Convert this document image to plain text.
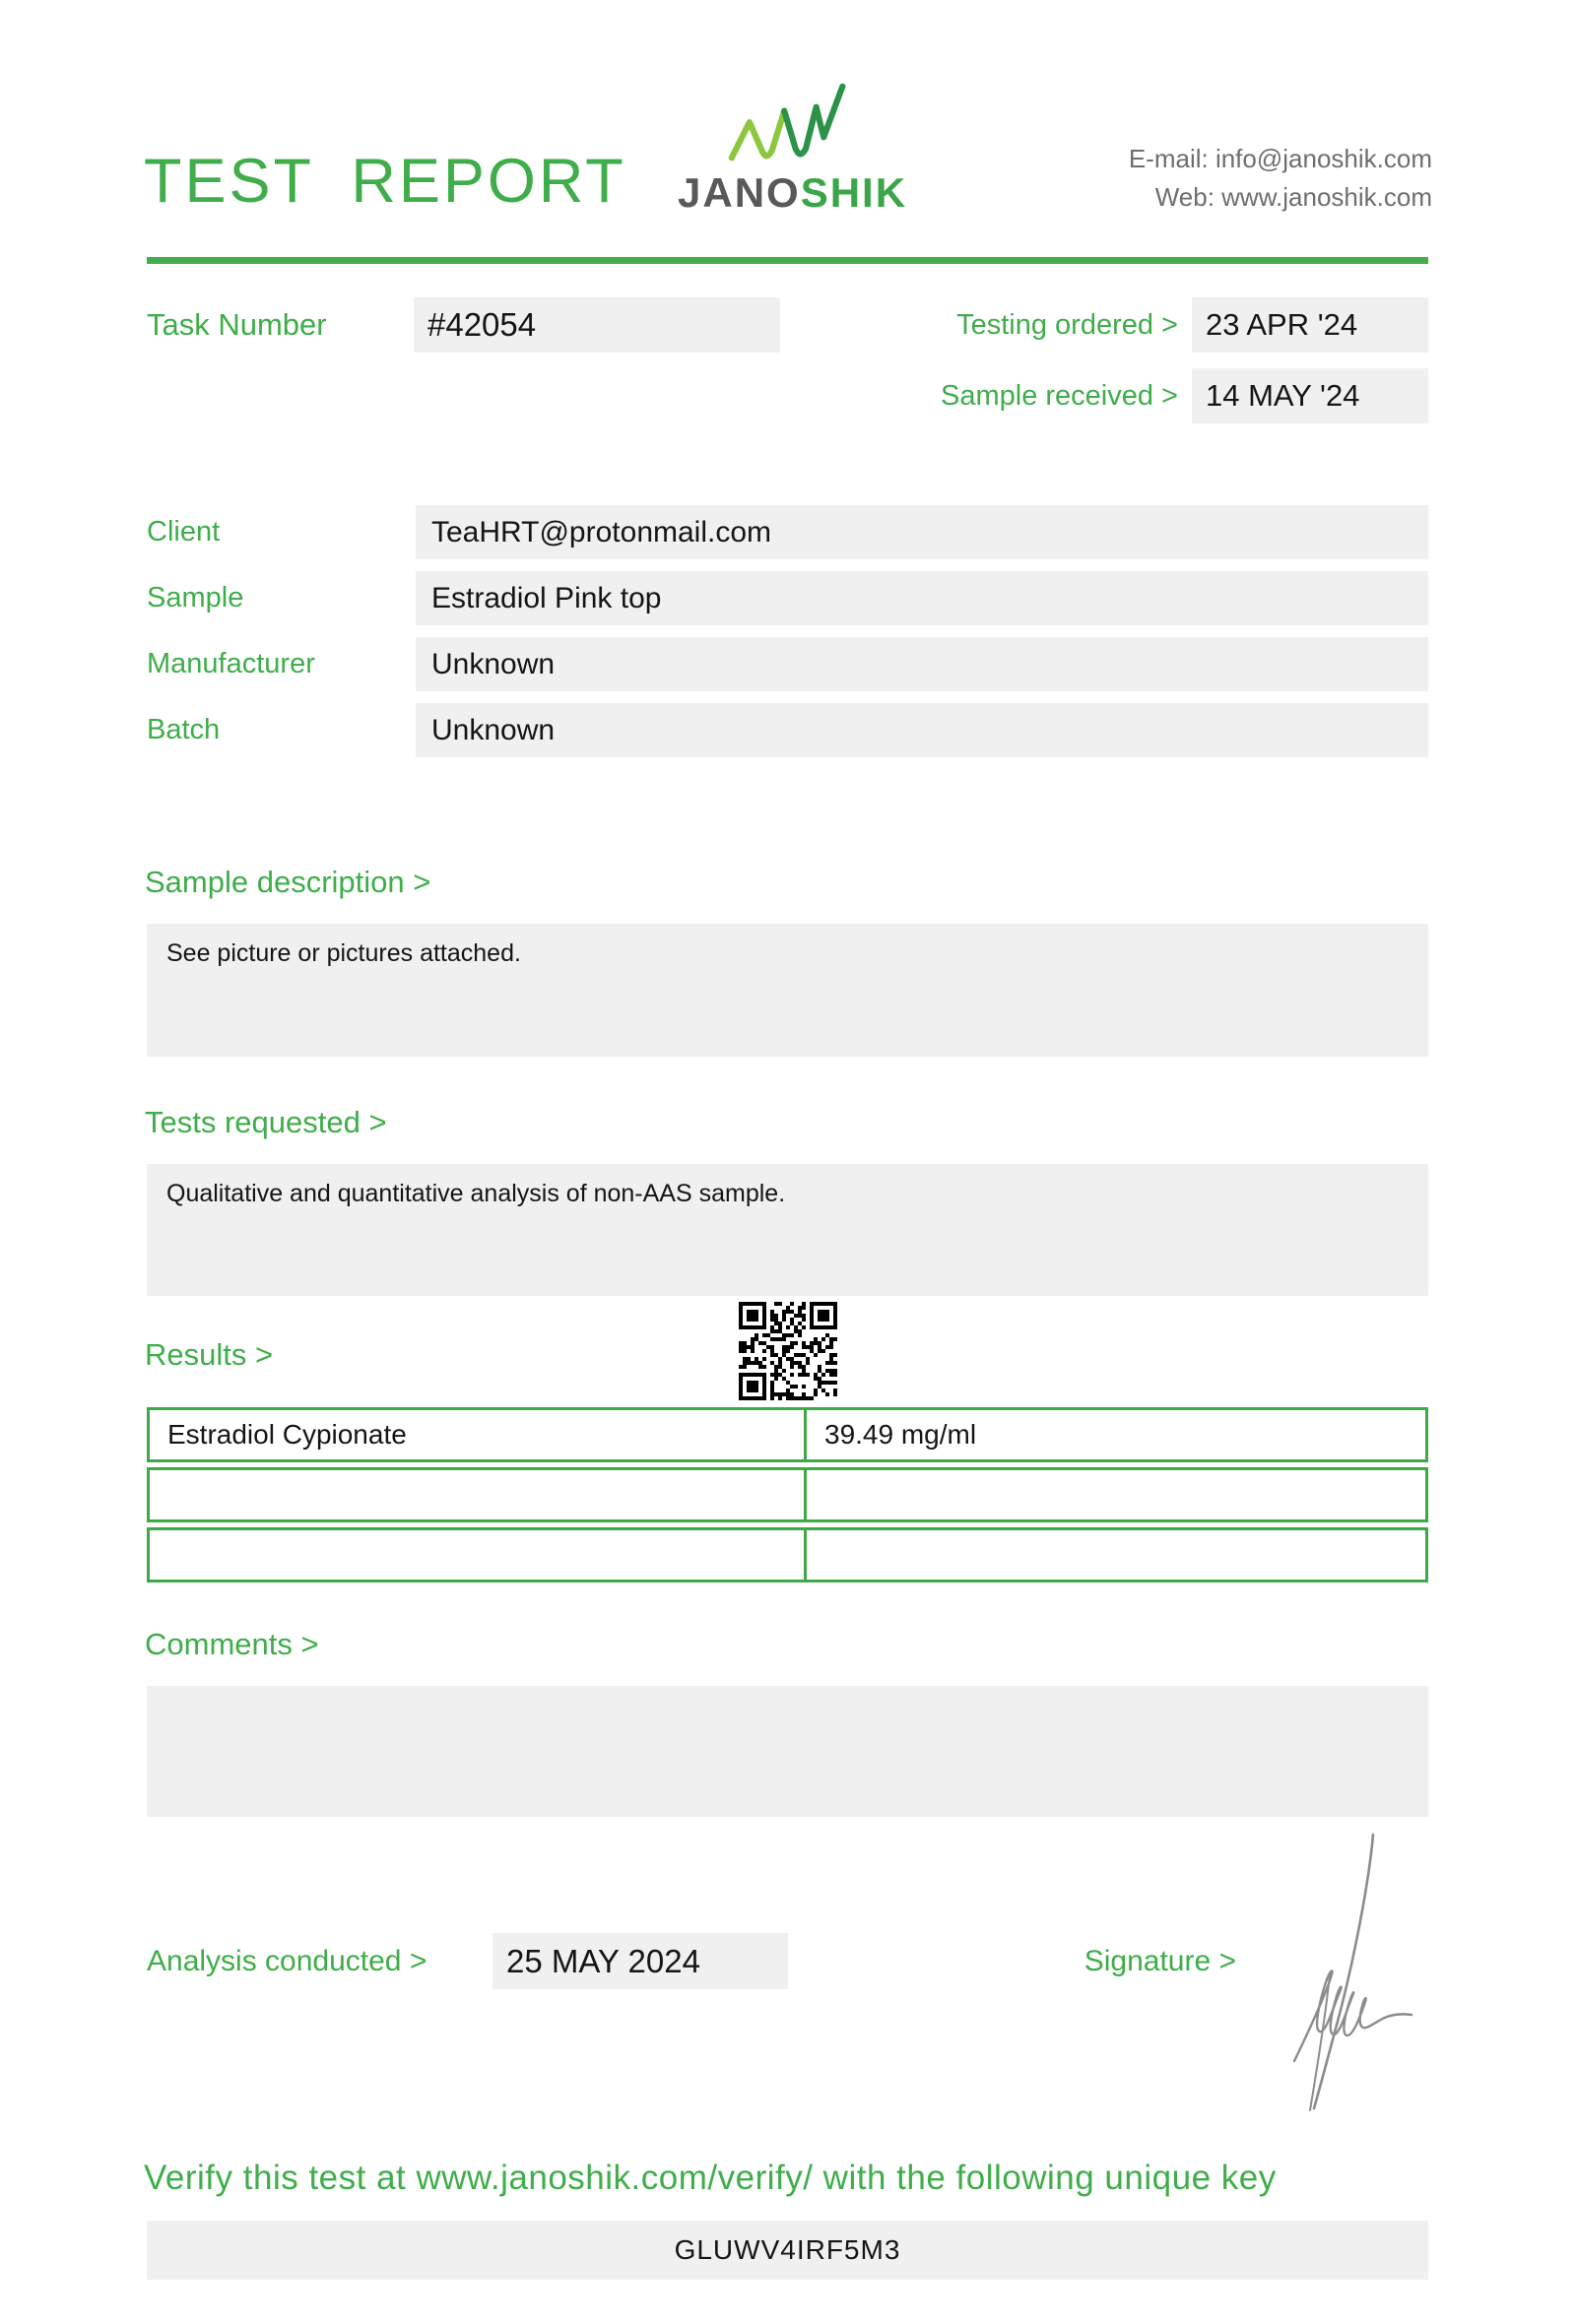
TEST REPORT JANOSHIK
E-mail: info@janoshik.com
Web: www.janoshik.com
Task Number	#42054	Testing ordered > 23 APR '24
Sample received > 14 MAY '24
Client	TeaHRT@protonmail.com
Sample	Estradiol Pink top
Manufacturer	Unknown
Batch	Unknown
Sample description >
See picture or pictures attached.
Tests requested >
Qualitative and quantitative analysis of non-AAS sample.
Results >
Estradiol Cypionate	39.49 mg/ml

Comments >
Analysis conducted >	25 MAY 2024	Signature >
Verify this test at www.janoshik.com/verify/ with the following unique key
GLUWV4IRF5M3
